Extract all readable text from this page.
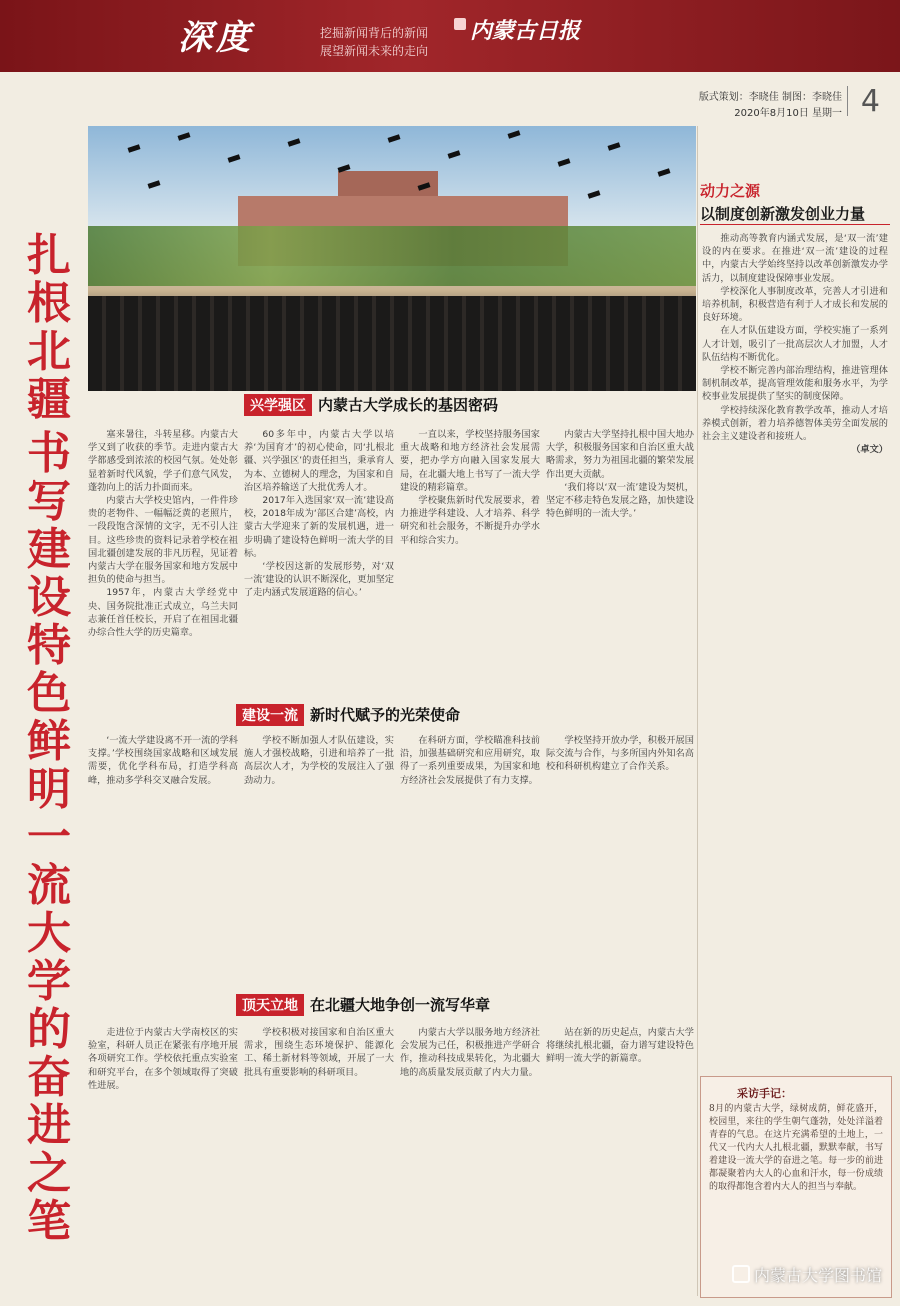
深度	挖掘新闻背后的新闻
展望新闻未来的走向
内蒙古日报
版式策划：李晓佳 制图：李晓佳
2020年8月10日 星期一 4
扎根北疆
书写建设特色鲜明一流大学的奋进之笔
兴学强区 内蒙古大学成长的基因密码

塞来暑往，斗转星移。内蒙古大学又到了收获的季节。走进内蒙古大学都感受到浓浓的校园气氛。处处彰显着新时代风貌，学子们意气风发，蓬勃向上的活力扑面而来。

内蒙古大学校史馆内，一件件珍贵的老物件、一幅幅泛黄的老照片，一段段饱含深情的文字，无不引人注目。这些珍贵的资料记录着学校在祖国北疆创建发展的非凡历程，见证着内蒙古大学在服务国家和地方发展中担负的使命与担当。

1957年，内蒙古大学经党中央、国务院批准正式成立，乌兰夫同志兼任首任校长，开启了在祖国北疆办综合性大学的历史篇章。

60多年中，内蒙古大学以培养‘为国育才’的初心使命，同‘扎根北疆、兴学强区’的责任担当，秉承育人为本、立德树人的理念，为国家和自治区培养输送了大批优秀人才。

2017年入选国家‘双一流’建设高校，2018年成为‘部区合建’高校，内蒙古大学迎来了新的发展机遇，进一步明确了建设特色鲜明一流大学的目标。

‘学校因这新的发展形势，对‘双一流’建设的认识不断深化，更加坚定了走内涵式发展道路的信心。’

一直以来，学校坚持服务国家重大战略和地方经济社会发展需要，把办学方向融入国家发展大局，在北疆大地上书写了一流大学建设的精彩篇章。

学校聚焦新时代发展要求，着力推进学科建设、人才培养、科学研究和社会服务，不断提升办学水平和综合实力。

内蒙古大学坚持扎根中国大地办大学，积极服务国家和自治区重大战略需求，努力为祖国北疆的繁荣发展作出更大贡献。

‘我们将以‘双一流’建设为契机，坚定不移走特色发展之路，加快建设特色鲜明的一流大学。’

建设一流 新时代赋予的光荣使命

‘一流大学建设离不开一流的学科支撑。’学校围绕国家战略和区域发展需要，优化学科布局，打造学科高峰，推动多学科交叉融合发展。

学校不断加强人才队伍建设，实施人才强校战略，引进和培养了一批高层次人才，为学校的发展注入了强劲动力。

在科研方面，学校瞄准科技前沿，加强基础研究和应用研究，取得了一系列重要成果，为国家和地方经济社会发展提供了有力支撑。

学校坚持开放办学，积极开展国际交流与合作，与多所国内外知名高校和科研机构建立了合作关系。

顶天立地 在北疆大地争创一流写华章

走进位于内蒙古大学南校区的实验室，科研人员正在紧张有序地开展各项研究工作。学校依托重点实验室和研究平台，在多个领域取得了突破性进展。

学校积极对接国家和自治区重大需求，围绕生态环境保护、能源化工、稀土新材料等领域，开展了一大批具有重要影响的科研项目。

内蒙古大学以服务地方经济社会发展为己任，积极推进产学研合作，推动科技成果转化，为北疆大地的高质量发展贡献了内大力量。

站在新的历史起点，内蒙古大学将继续扎根北疆，奋力谱写建设特色鲜明一流大学的新篇章。

动力之源
以制度创新激发创业力量

推动高等教育内涵式发展，是‘双一流’建设的内在要求。在推进‘双一流’建设的过程中，内蒙古大学始终坚持以改革创新激发办学活力，以制度建设保障事业发展。

学校深化人事制度改革，完善人才引进和培养机制，积极营造有利于人才成长和发展的良好环境。

在人才队伍建设方面，学校实施了一系列人才计划，吸引了一批高层次人才加盟，人才队伍结构不断优化。

学校不断完善内部治理结构，推进管理体制机制改革，提高管理效能和服务水平，为学校事业发展提供了坚实的制度保障。

学校持续深化教育教学改革，推动人才培养模式创新，着力培养德智体美劳全面发展的社会主义建设者和接班人。

（卓文）

采访手记：
8月的内蒙古大学，绿树成荫，鲜花盛开，校园里，来往的学生朝气蓬勃，处处洋溢着青春的气息。在这片充满希望的土地上，一代又一代内大人扎根北疆，默默奉献，书写着建设一流大学的奋进之笔。每一步的前进都凝聚着内大人的心血和汗水，每一份成绩的取得都饱含着内大人的担当与奉献。
内蒙古大学图书馆
